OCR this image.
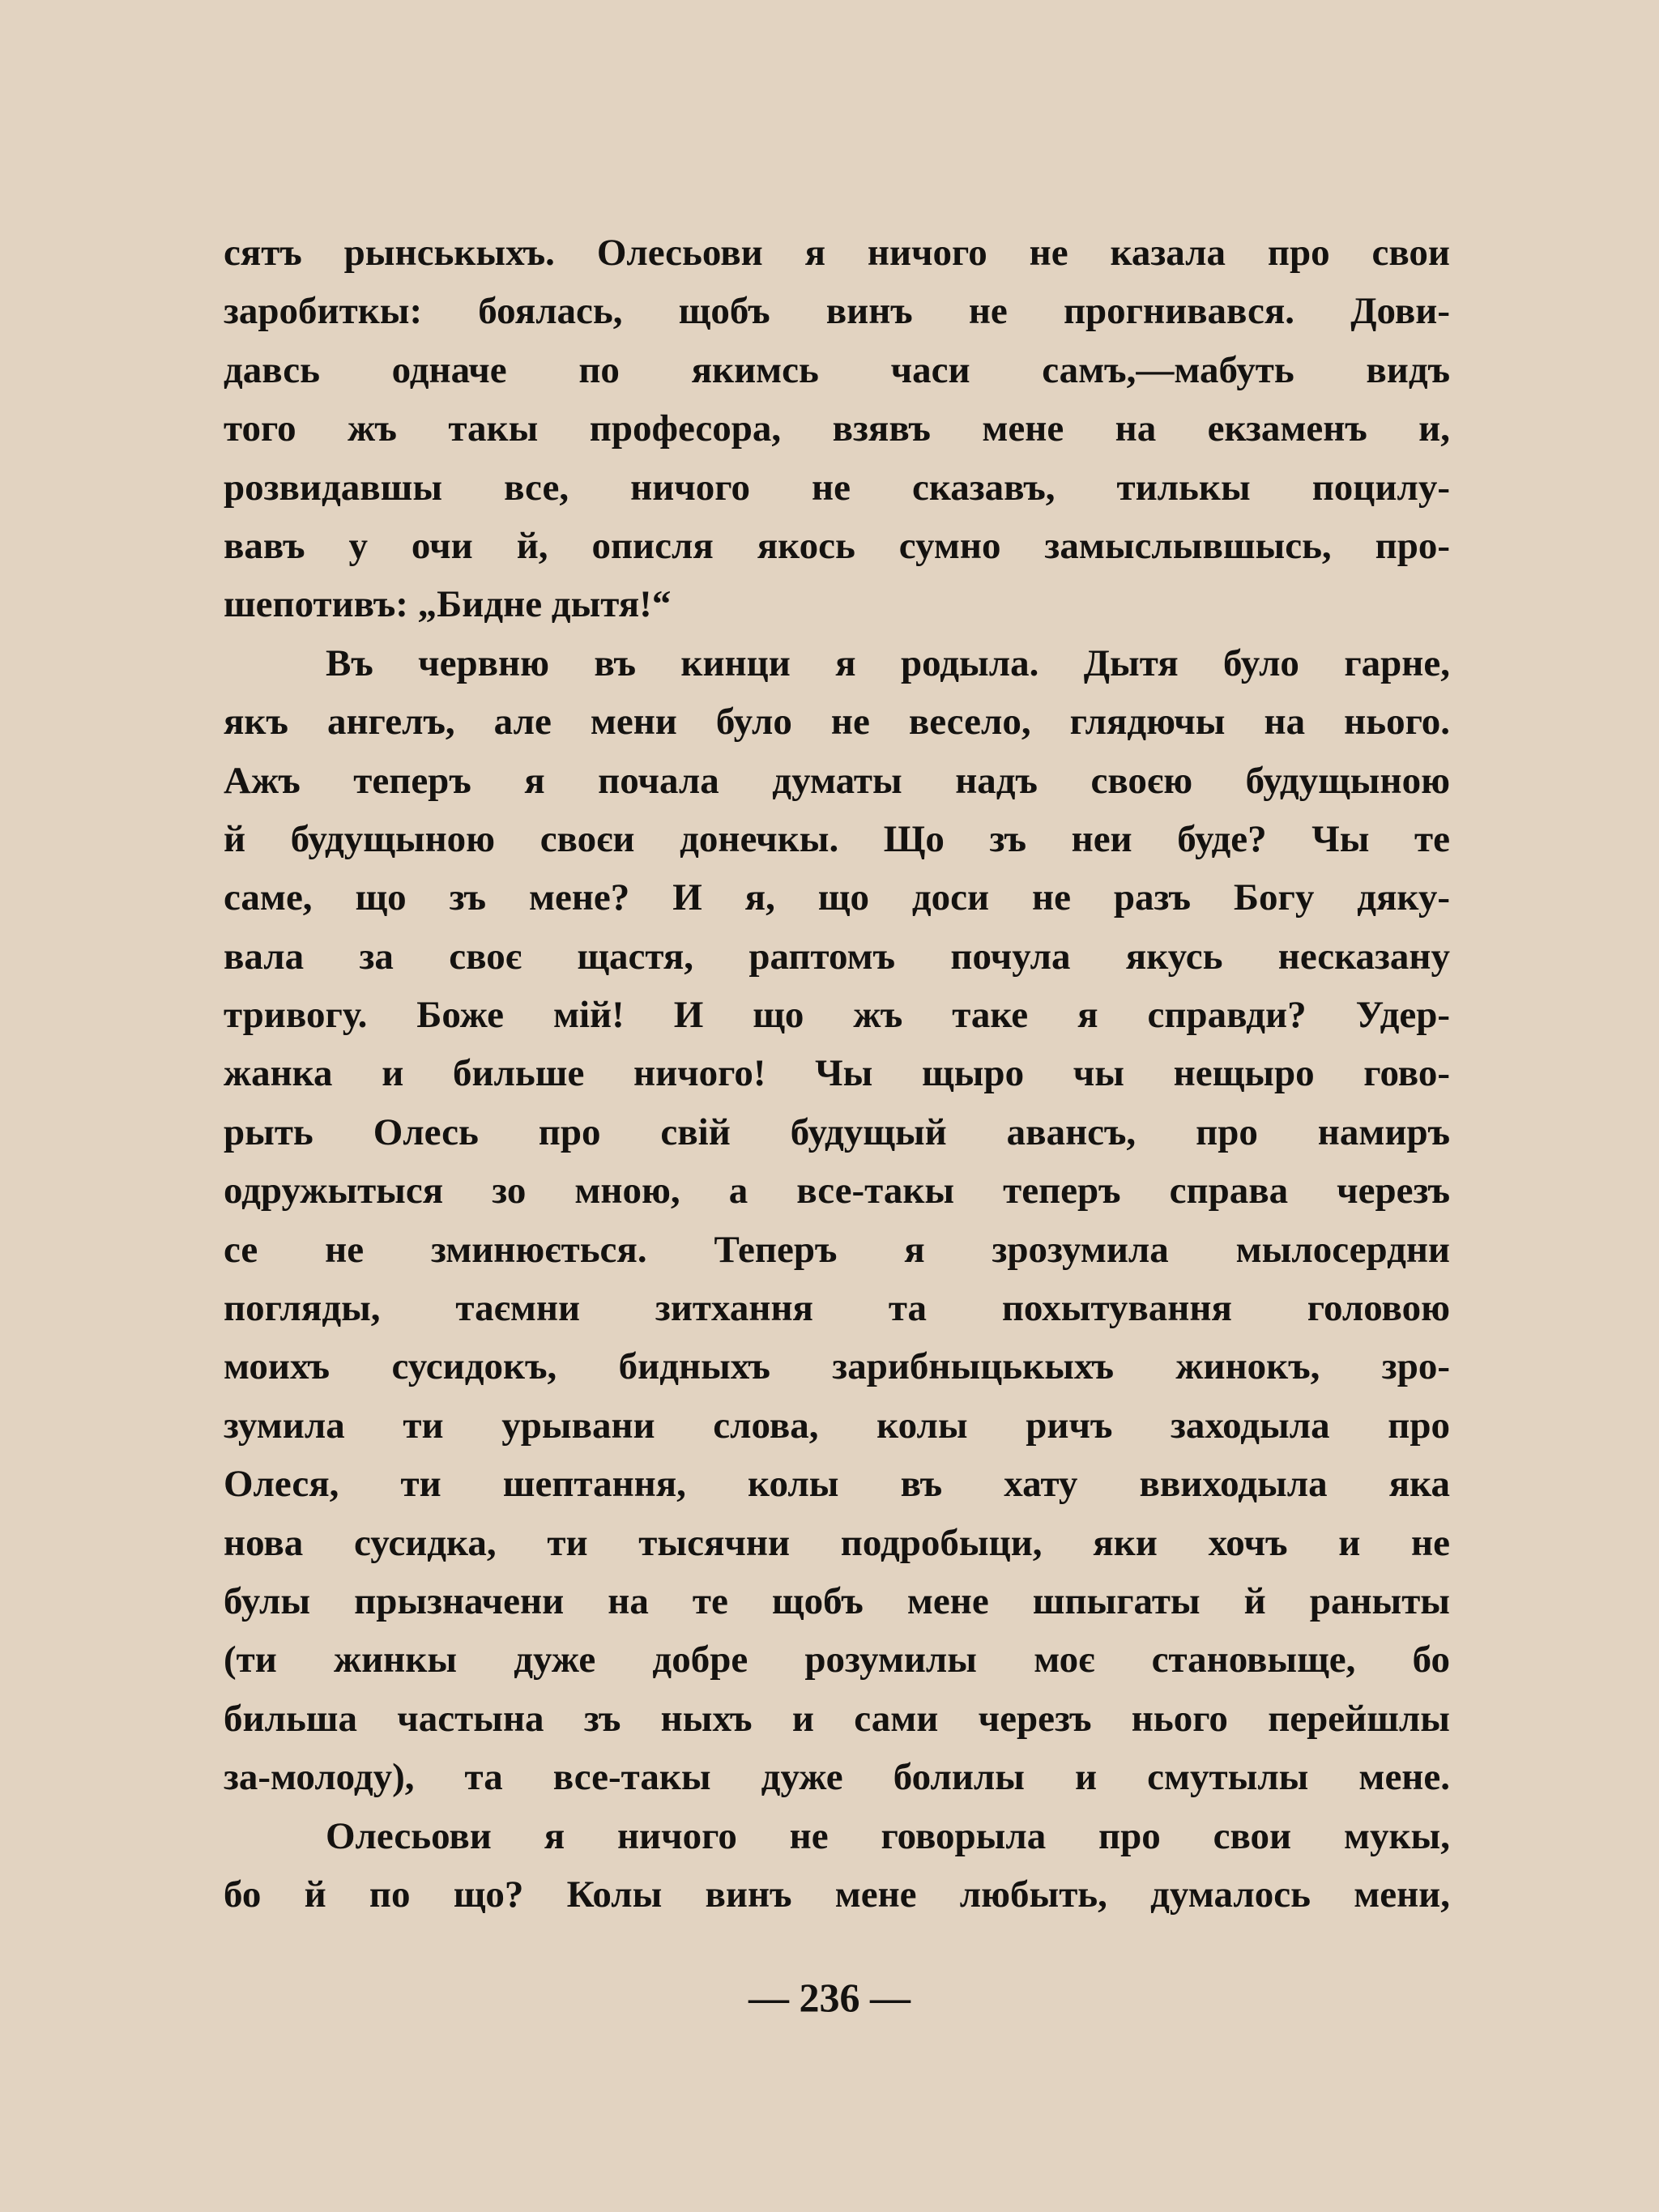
сятъ рынськыхъ. Олесьови я ничого не казала про свои
заробиткы: боялась, щобъ винъ не прогнивався. Дови-
давсь одначе по якимсь часи самъ,—мабуть видъ
того жъ такы професора, взявъ мене на екзаменъ и,
розвидавшы все, ничого не сказавъ, тилькы поцилу-
вавъ у очи й, описля якось сумно замыслывшысь, про-
шепотивъ: „Бидне дытя!“
Въ червню въ кинци я родыла. Дытя було гарне,
якъ ангелъ, але мени було не весело, глядючы на нього.
Ажъ теперъ я почала думаты надъ своєю будущыною
й будущыною своєи донечкы. Що зъ неи буде? Чы те
саме, що зъ мене? И я, що доси не разъ Богу дяку-
вала за своє щастя, раптомъ почула якусь несказану
тривогу. Боже мій! И що жъ таке я справди? Удер-
жанка и бильше ничого! Чы щыро чы нещыро гово-
рыть Олесь про свій будущый авансъ, про намиръ
одружытыся зо мною, а все-такы теперъ справа черезъ
се не зминюється. Теперъ я зрозумила мылосердни
погляды, таємни зитхання та похытування головою
моихъ сусидокъ, бидныхъ зарибныцькыхъ жинокъ, зро-
зумила ти урывани слова, колы ричъ заходыла про
Олеся, ти шептання, колы въ хату ввиходыла яка
нова сусидка, ти тысячни подробыци, яки хочъ и не
булы прызначени на те щобъ мене шпыгаты й раныты
(ти жинкы дуже добре розумилы моє становыще, бо
бильша частына зъ ныхъ и сами черезъ нього перейшлы
за-молоду), та все-такы дуже болилы и смутылы мене.
Олесьови я ничого не говорыла про свои мукы,
бо й по що? Колы винъ мене любыть, думалось мени,
— 236 —
